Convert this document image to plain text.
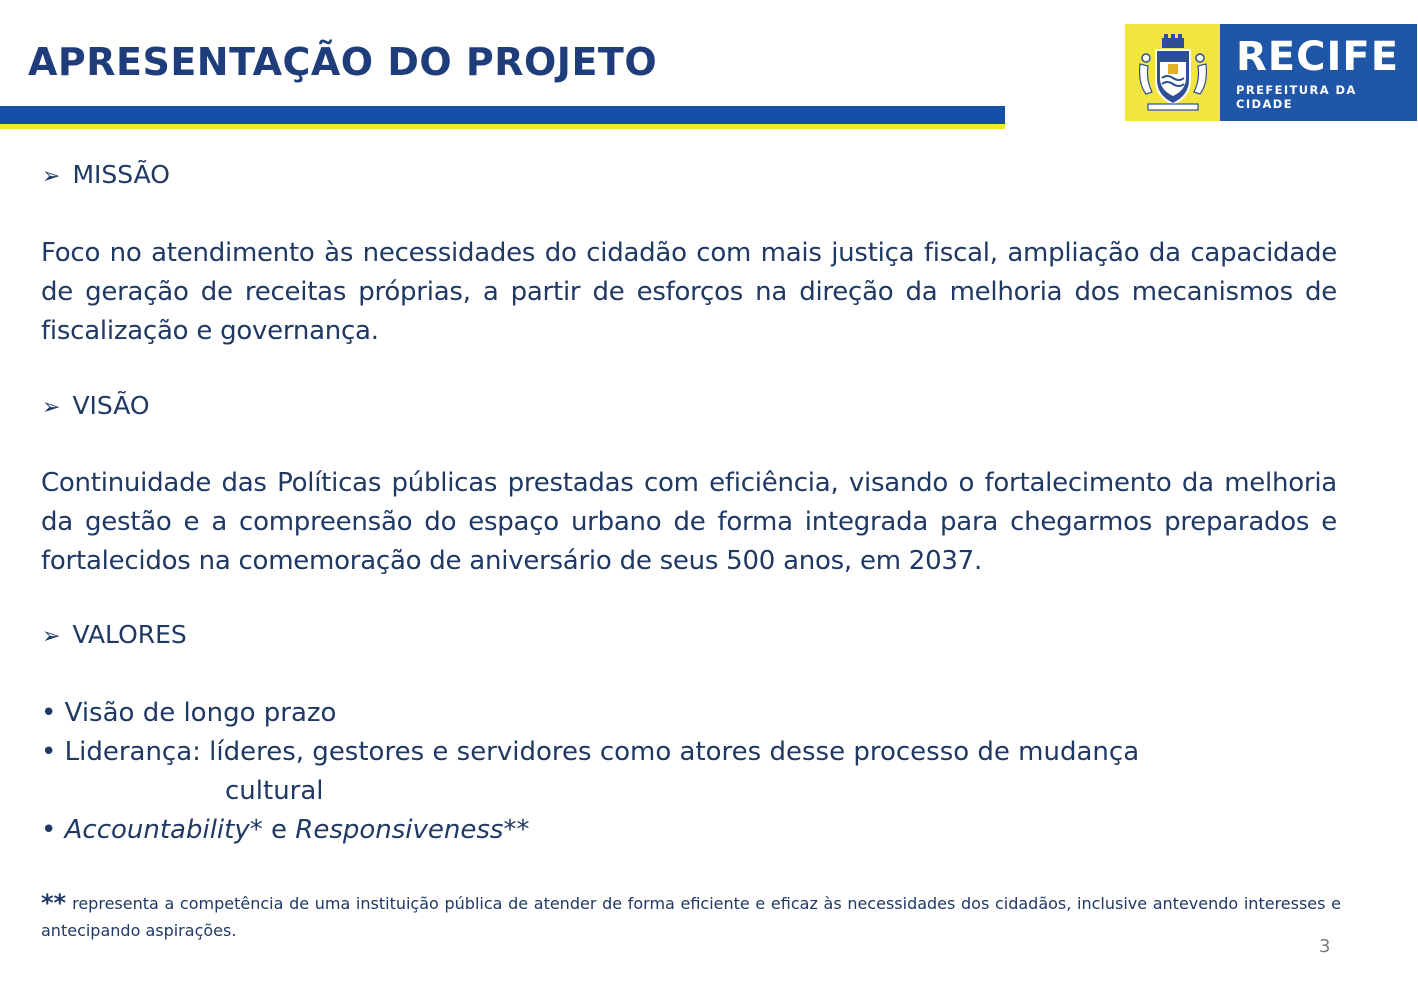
APRESENTAÇÃO DO PROJETO	RECIFE
PREFEITURA DA CIDADE
➢ MISSÃO

Foco no atendimento às necessidades do cidadão com mais justiça fiscal, ampliação da capacidade de geração de receitas próprias, a partir de esforços na direção da melhoria dos mecanismos de fiscalização e governança.

➢ VISÃO

Continuidade das Políticas públicas prestadas com eficiência, visando o fortalecimento da melhoria da gestão e a compreensão do espaço urbano de forma integrada para chegarmos preparados e fortalecidos na comemoração de aniversário de seus 500 anos, em 2037.

➢ VALORES
• Visão de longo prazo
• Liderança: líderes, gestores e servidores como atores desse processo de mudança
cultural
• Accountability* e Responsiveness**
** representa a competência de uma instituição pública de atender de forma eficiente e eficaz às necessidades dos cidadãos, inclusive antevendo interesses e antecipando aspirações.
3
